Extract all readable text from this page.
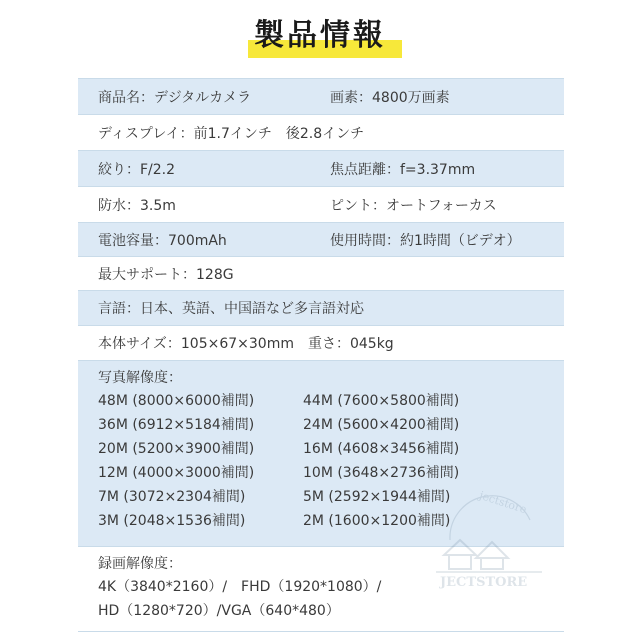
製品情報
商品名：デジタルカメラ	画素：4800万画素
ディスプレイ：前1.7インチ　後2.8インチ
絞り：F/2.2	焦点距離：f=3.37mm
防水：3.5m	ピント：オートフォーカス
電池容量：700mAh	使用時間：約1時間（ビデオ）
最大サポート：128G
言語：日本、英語、中国語など多言語対応
本体サイズ：105×67×30mm　重さ：045kg
写真解像度：
48M (8000×6000補間)	44M (7600×5800補間)
36M (6912×5184補間)	24M (5600×4200補間)
20M (5200×3900補間)	16M (4608×3456補間)
12M (4000×3000補間)	10M (3648×2736補間)
7M (3072×2304補間)	5M (2592×1944補間)
3M (2048×1536補間)	2M (1600×1200補間)
録画解像度：
4K（3840*2160）/　FHD（1920*1080）/
HD（1280*720）/VGA（640*480）
jectstore
JECTSTORE
